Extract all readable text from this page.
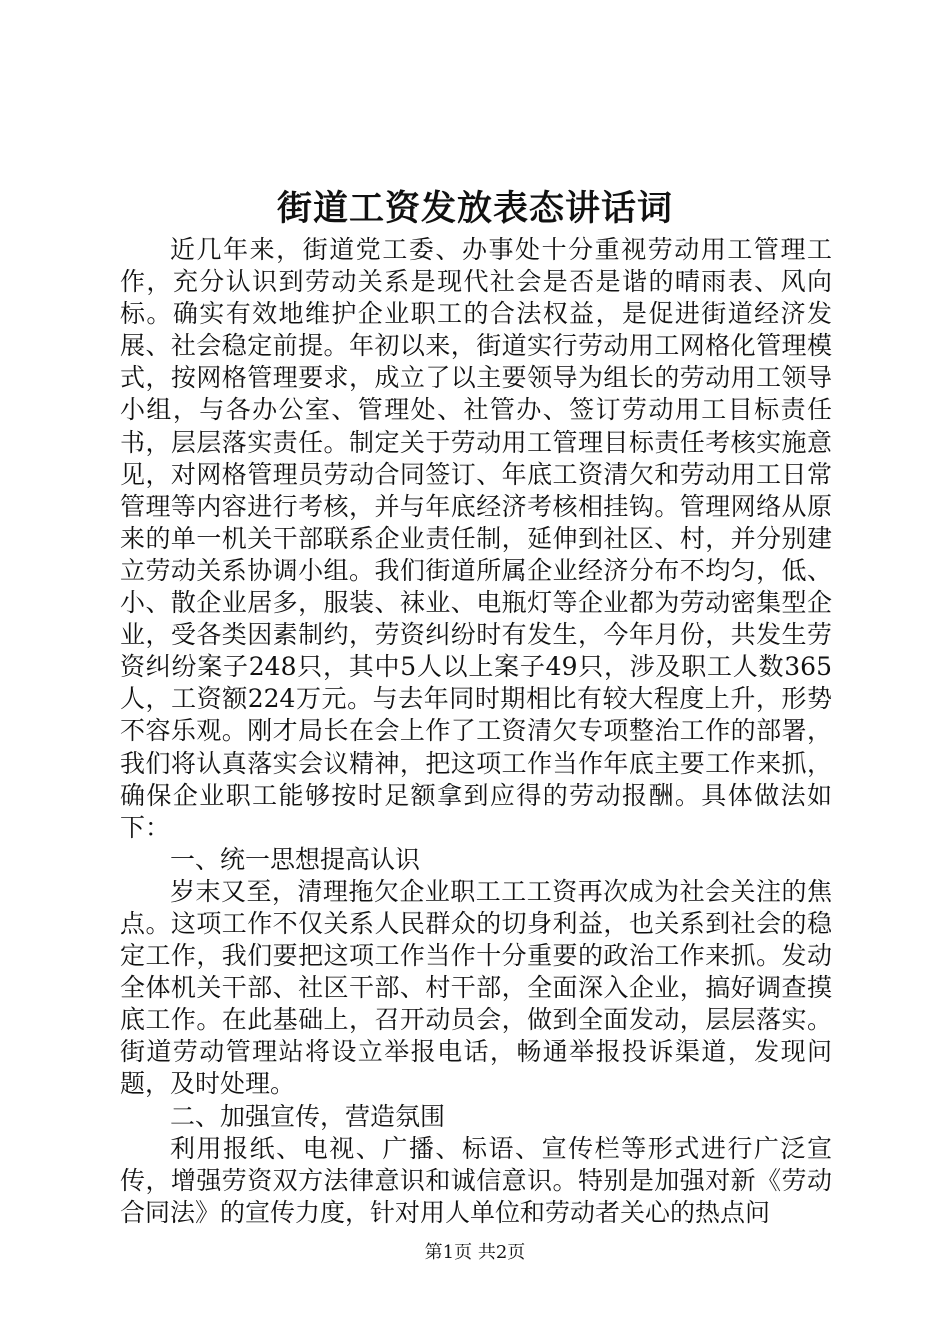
街道工资发放表态讲话词

近几年来，街道党工委、办事处十分重视劳动用工管理工作，充分认识到劳动关系是现代社会是否是谐的晴雨表、风向标。确实有效地维护企业职工的合法权益，是促进街道经济发展、社会稳定前提。年初以来，街道实行劳动用工网格化管理模式，按网格管理要求，成立了以主要领导为组长的劳动用工领导小组，与各办公室、管理处、社管办、签订劳动用工目标责任书，层层落实责任。制定关于劳动用工管理目标责任考核实施意见，对网格管理员劳动合同签订、年底工资清欠和劳动用工日常管理等内容进行考核，并与年底经济考核相挂钩。管理网络从原来的单一机关干部联系企业责任制，延伸到社区、村，并分别建立劳动关系协调小组。我们街道所属企业经济分布不均匀，低、小、散企业居多，服装、袜业、电瓶灯等企业都为劳动密集型企业，受各类因素制约，劳资纠纷时有发生，今年月份，共发生劳资纠纷案子248只，其中5人以上案子49只，涉及职工人数365人，工资额224万元。与去年同时期相比有较大程度上升，形势不容乐观。刚才局长在会上作了工资清欠专项整治工作的部署，我们将认真落实会议精神，把这项工作当作年底主要工作来抓，确保企业职工能够按时足额拿到应得的劳动报酬。具体做法如下：

一、统一思想提高认识

岁末又至，清理拖欠企业职工工工资再次成为社会关注的焦点。这项工作不仅关系人民群众的切身利益，也关系到社会的稳定工作，我们要把这项工作当作十分重要的政治工作来抓。发动全体机关干部、社区干部、村干部，全面深入企业，搞好调查摸底工作。在此基础上，召开动员会，做到全面发动，层层落实。街道劳动管理站将设立举报电话，畅通举报投诉渠道，发现问题，及时处理。

二、加强宣传，营造氛围

利用报纸、电视、广播、标语、宣传栏等形式进行广泛宣传，增强劳资双方法律意识和诚信意识。特别是加强对新《劳动合同法》的宣传力度，针对用人单位和劳动者关心的热点问

第1页 共2页
